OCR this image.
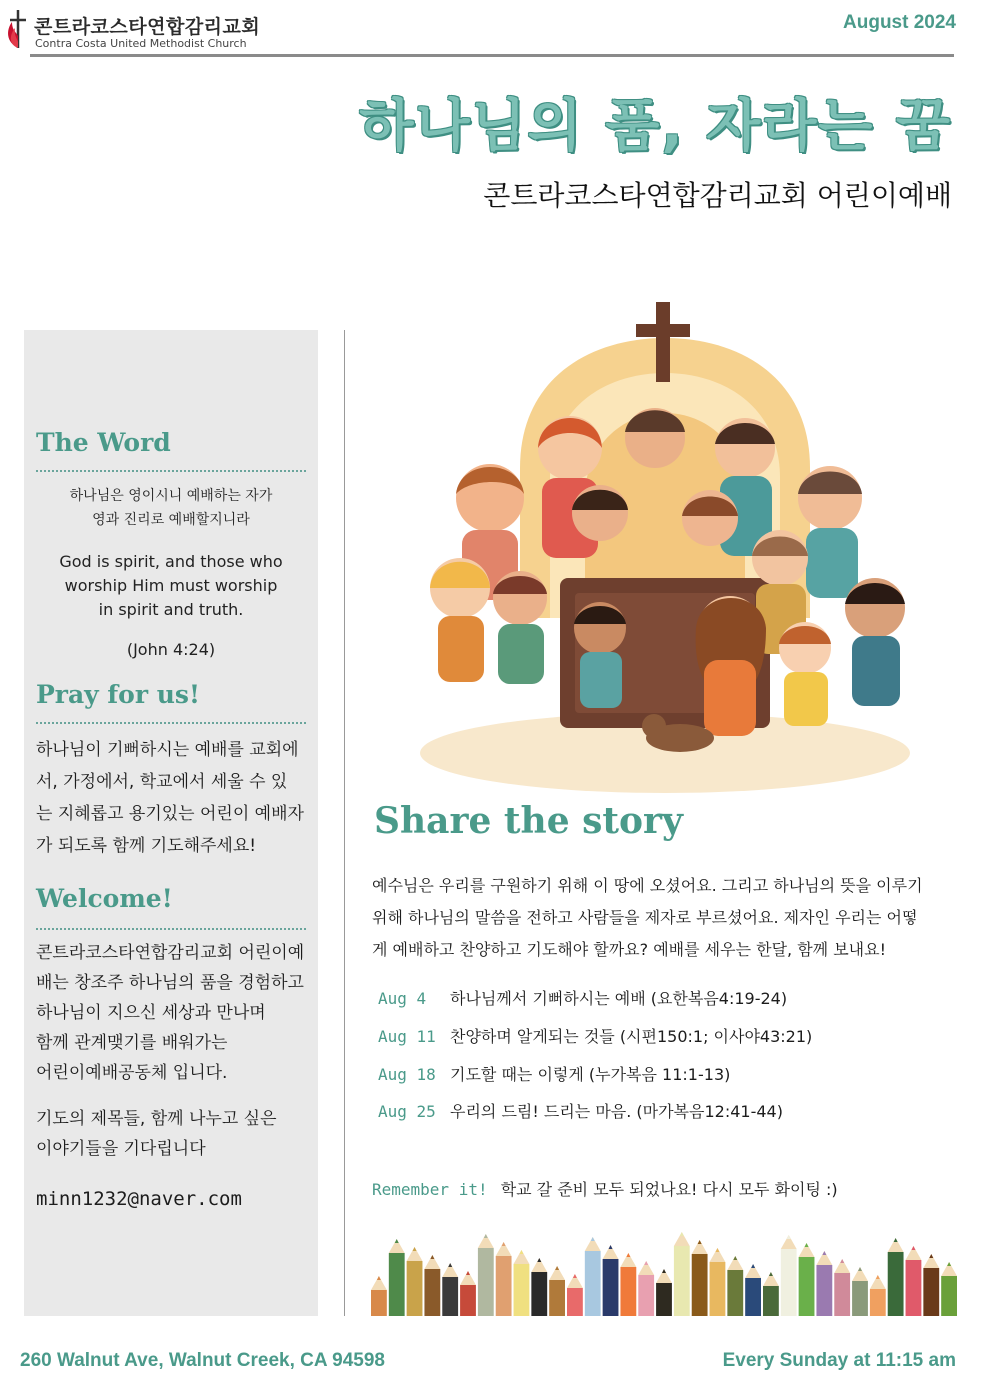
콘트라코스타연합감리교회
Contra Costa United Methodist Church
August 2024
하나님의 품, 자라는 꿈
콘트라코스타연합감리교회 어린이예배
The Word
하나님은 영이시니 예배하는 자가
영과 진리로 예배할지니라
God is spirit, and those who
worship Him must worship
in spirit and truth.
(John 4:24)
Pray for us!
하나님이 기뻐하시는 예배를 교회에
서, 가정에서, 학교에서 세울 수 있
는 지혜롭고 용기있는 어린이 예배자
가 되도록 함께 기도해주세요!
Welcome!
콘트라코스타연합감리교회 어린이예
배는 창조주 하나님의 품을 경험하고
하나님이 지으신 세상과 만나며
함께 관계맺기를 배워가는
어린이예배공동체 입니다.
기도의 제목들, 함께 나누고 싶은
이야기들을 기다립니다
minn1232@naver.com
Share the story
예수님은 우리를 구원하기 위해 이 땅에 오셨어요. 그리고 하나님의 뜻을 이루기
위해 하나님의 말씀을 전하고 사람들을 제자로 부르셨어요. 제자인 우리는 어떻
게 예배하고 찬양하고 기도해야 할까요? 예배를 세우는 한달, 함께 보내요!
Aug 4	하나님께서 기뻐하시는 예배 (요한복음4:19-24)
Aug 11 찬양하며 알게되는 것들 (시편150:1; 이사야43:21)
Aug 18 기도할 때는 이렇게 (누가복음 11:1-13)
Aug 25 우리의 드림! 드리는 마음. (마가복음12:41-44)
Remember it! 학교 갈 준비 모두 되었나요! 다시 모두 화이팅 :)
260 Walnut Ave, Walnut Creek, CA 94598	Every Sunday at 11:15 am
